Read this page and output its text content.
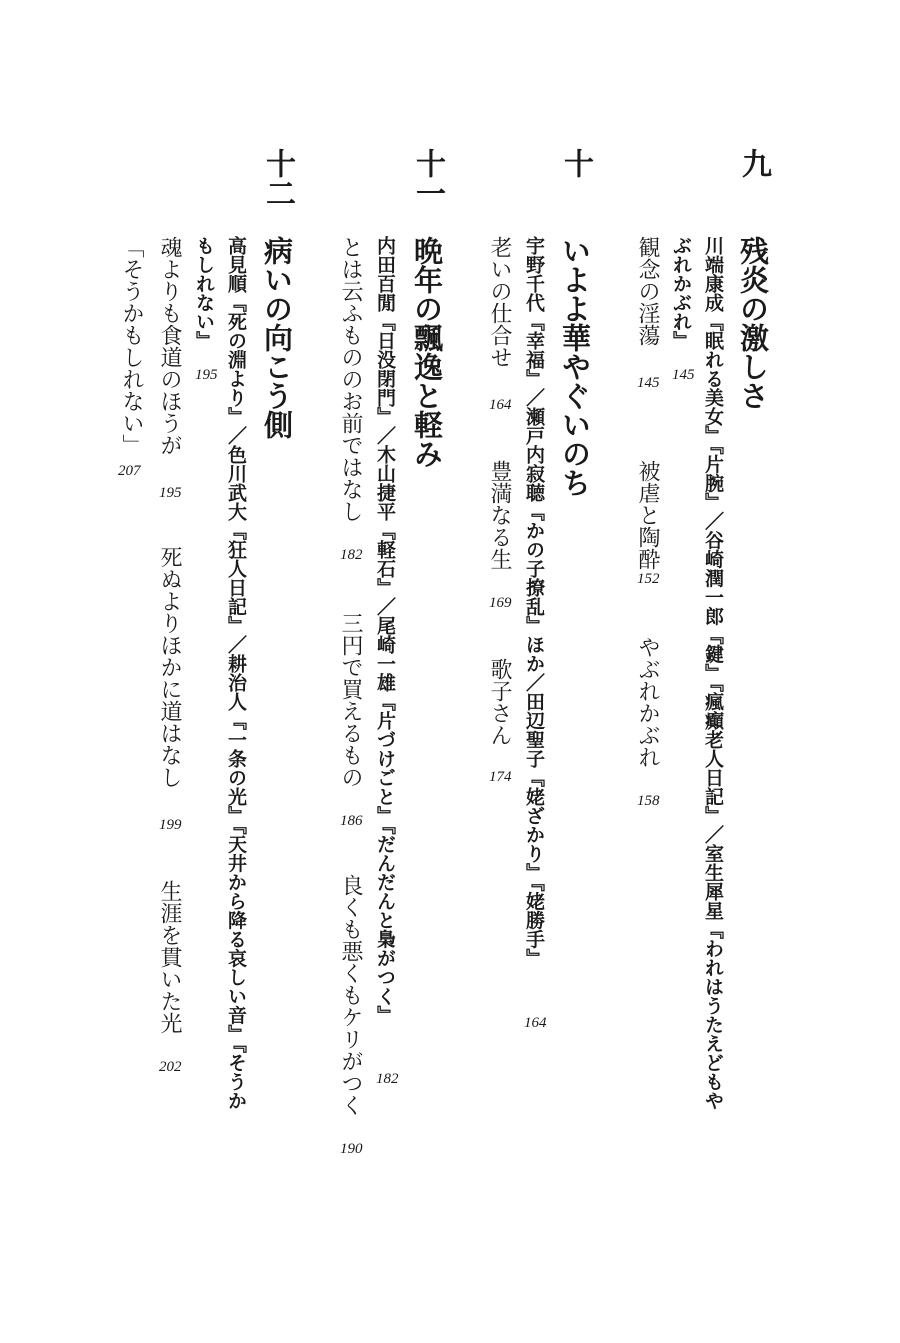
九
残炎の激しさ
川端康成『眠れる美女』『片腕』／谷崎潤一郎『鍵』『瘋癲老人日記』／室生犀星『われはうたえどもや
ぶれかぶれ』
145
観念の淫蕩
145
被虐と陶酔
152
やぶれかぶれ
158
十
いよよ華やぐいのち
宇野千代『幸福』／瀬戸内寂聴『かの子撩乱』ほか／田辺聖子『姥ざかり』『姥勝手』
164
老いの仕合せ
164
豊満なる生
169
歌子さん
174
十一
晩年の飄逸と軽み
内田百閒『日没閉門』／木山捷平『軽石』／尾崎一雄『片づけごと』『だんだんと梟がつく』
182
とは云ふもののお前ではなし
182
三円で買えるもの
186
良くも悪くもケリがつく
190
十二
病いの向こう側
高見順『死の淵より』／色川武大『狂人日記』／耕治人『一条の光』『天井から降る哀しい音』『そうか
もしれない』
195
魂よりも食道のほうが
195
死ぬよりほかに道はなし
199
生涯を貫いた光
202
「そうかもしれない」
207
